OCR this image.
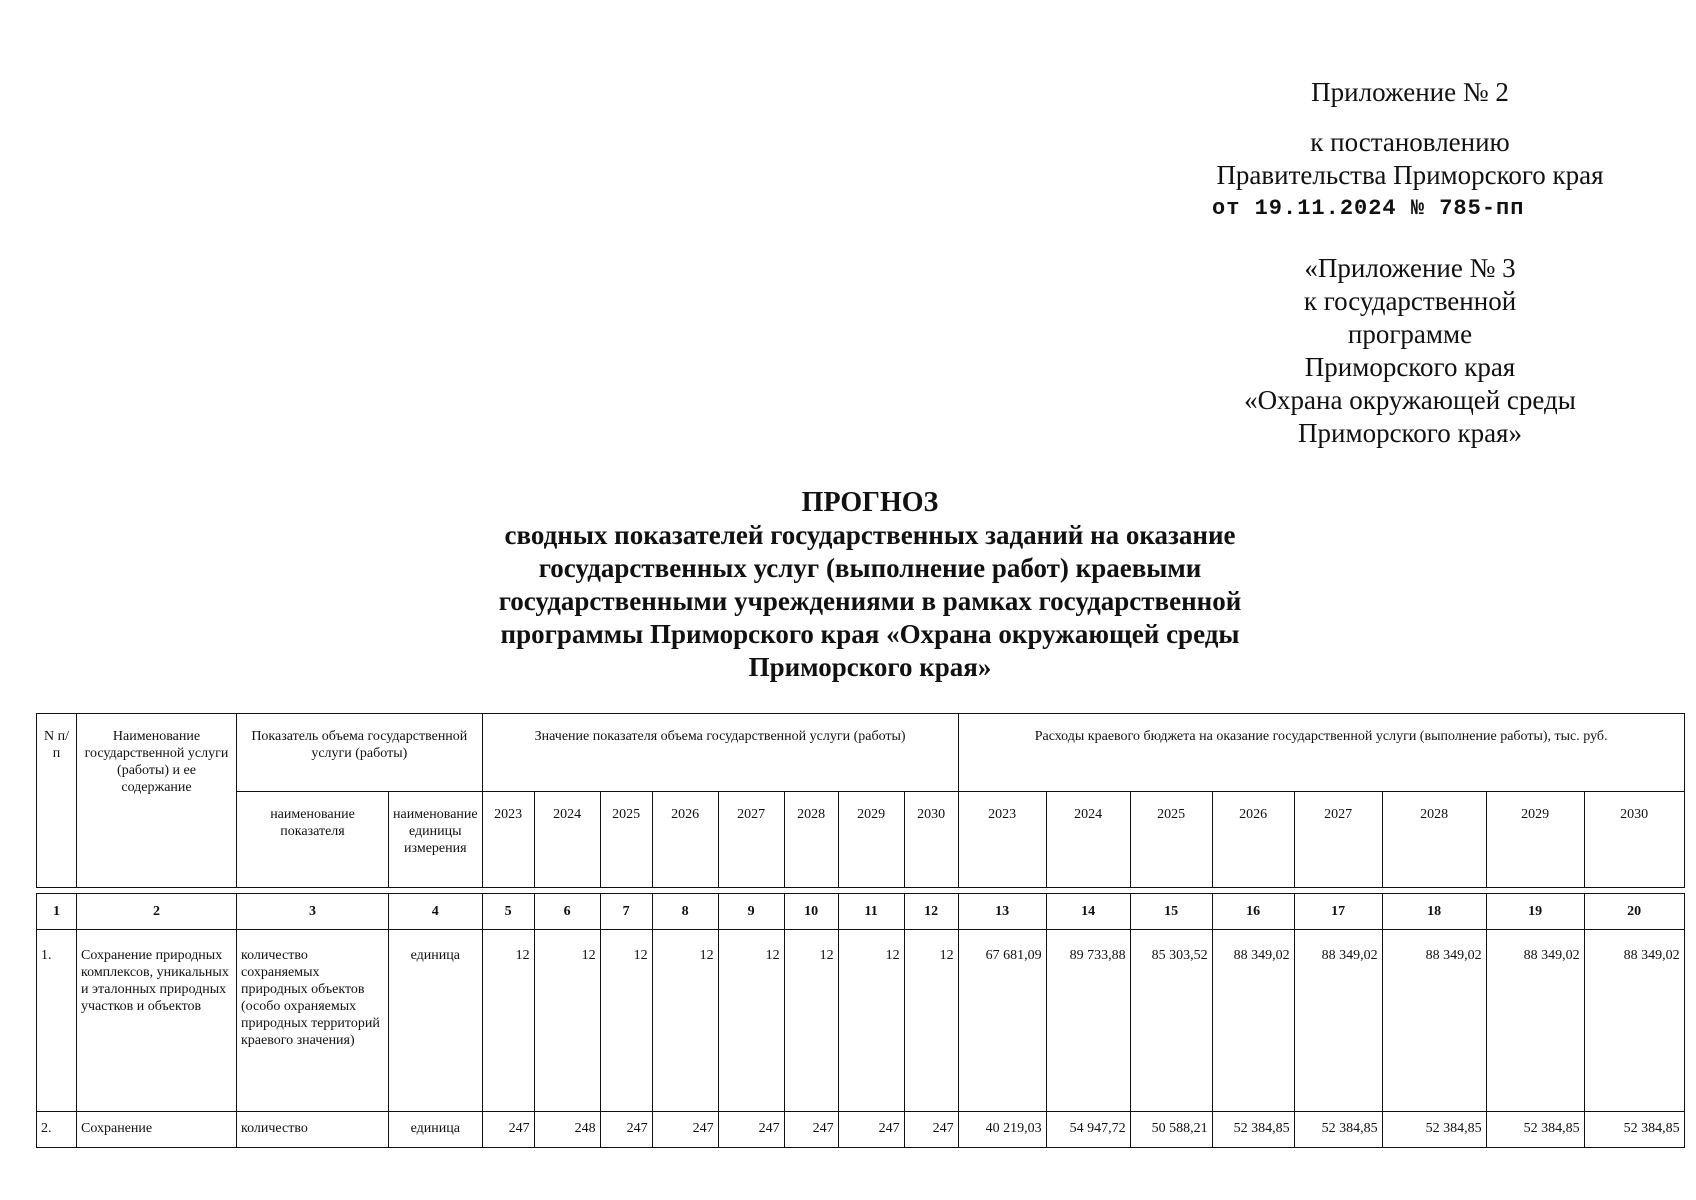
Приложение № 2
к постановлению
Правительства Приморского края
от 19.11.2024 № 785-пп
«Приложение № 3
к государственной
программе
Приморского края
«Охрана окружающей среды
Приморского края»
ПРОГНОЗ
сводных показателей государственных заданий на оказание
государственных услуг (выполнение работ) краевыми
государственными учреждениями в рамках государственной
программы Приморского края «Охрана окружающей среды
Приморского края»
N п/п	Наименование государственной услуги (работы) и ее содержание	Показатель объема государственной услуги (работы)		Значение показателя объема государственной услуги (работы)								Расходы краевого бюджета на оказание государственной услуги (выполнение работы), тыс. руб.							
		наименование показателя	наименование единицы измерения	2023	2024	2025	2026	2027	2028	2029	2030	2023	2024	2025	2026	2027	2028	2029	2030

1	2	3	4	5	6	7	8	9	10	11	12	13	14	15	16	17	18	19	20
1.	Сохранение природных комплексов, уникальных и эталонных природных участков и объектов	количество сохраняемых природных объектов (особо охраняемых природных территорий краевого значения)	единица	12	12	12	12	12	12	12	12	67 681,09	89 733,88	85 303,52	88 349,02	88 349,02	88 349,02	88 349,02	88 349,02
2.	Сохранение	количество	единица	247	248	247	247	247	247	247	247	40 219,03	54 947,72	50 588,21	52 384,85	52 384,85	52 384,85	52 384,85	52 384,85
